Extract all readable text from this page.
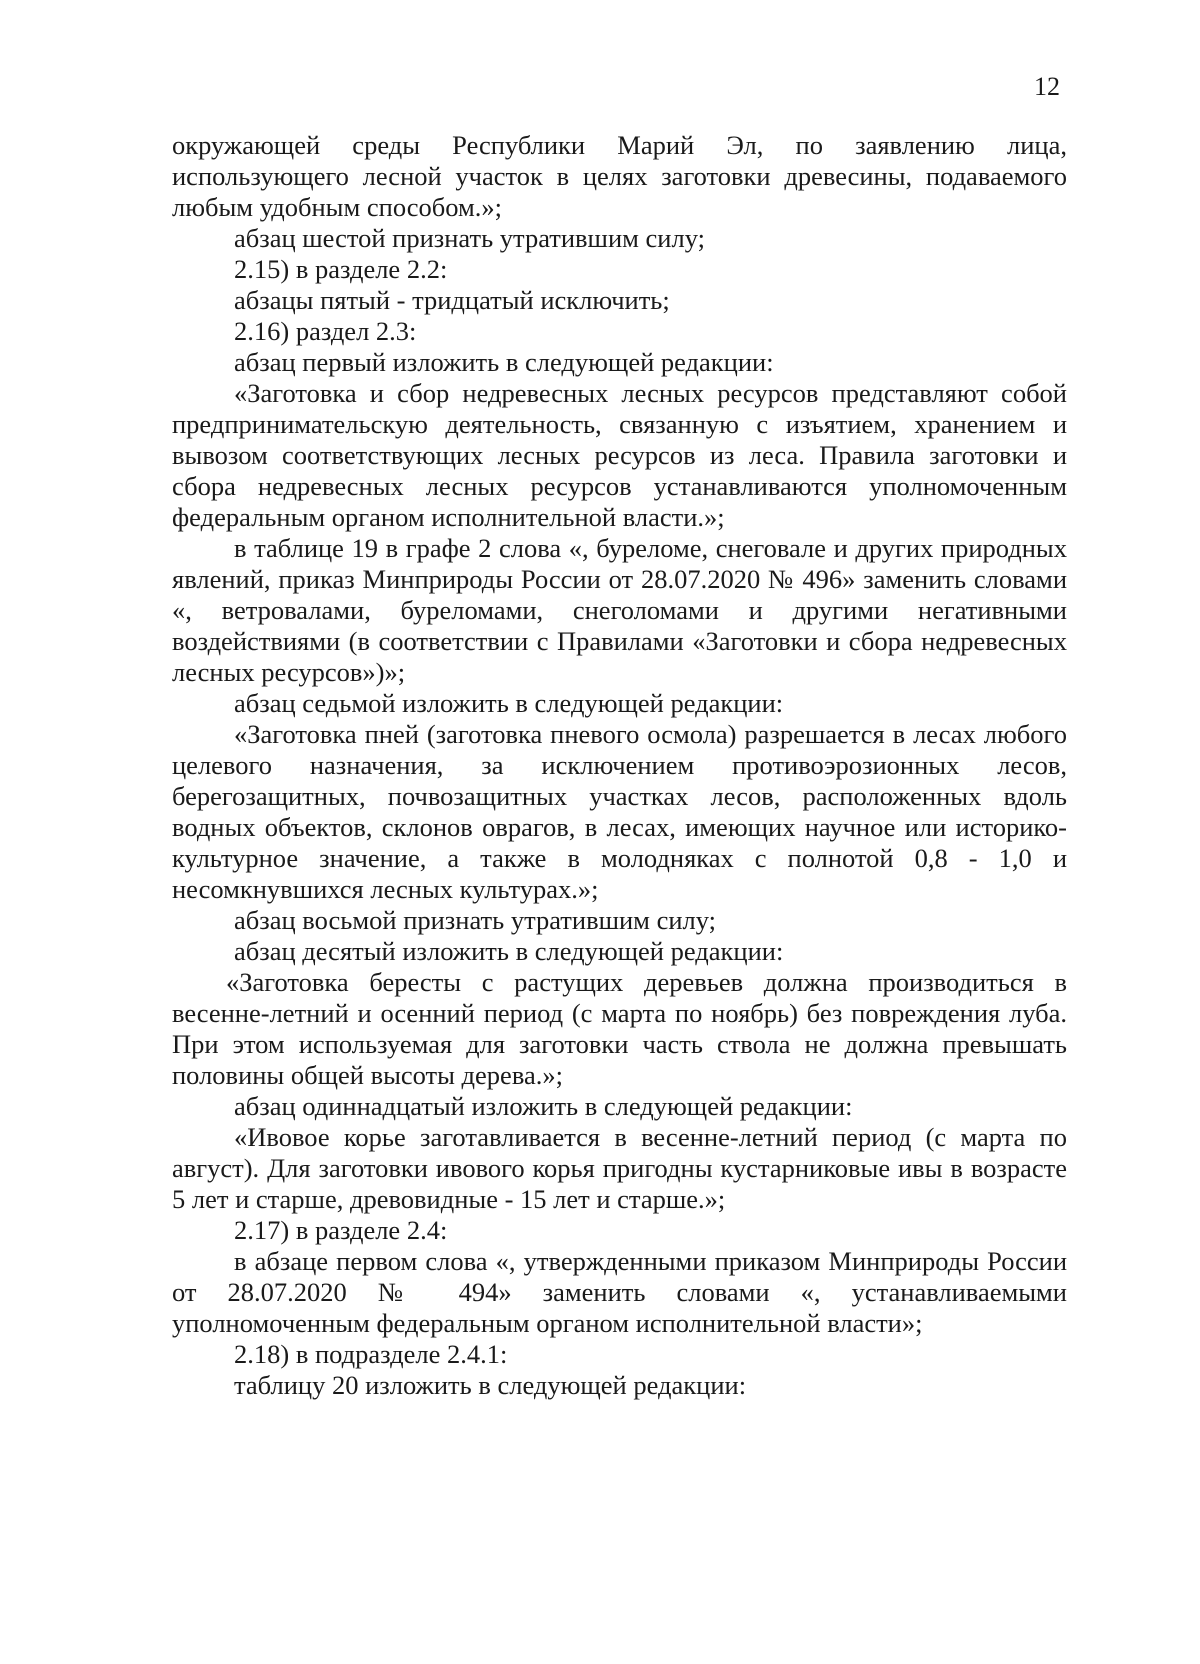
12

окружающей среды Республики Марий Эл, по заявлению лица, использующего лесной участок в целях заготовки древесины, подаваемого любым удобным способом.»;

абзац шестой признать утратившим силу;

2.15) в разделе 2.2:

абзацы пятый - тридцатый исключить;

2.16) раздел 2.3:

абзац первый изложить в следующей редакции:

«Заготовка и сбор недревесных лесных ресурсов представляют собой предпринимательскую деятельность, связанную с изъятием, хранением и вывозом соответствующих лесных ресурсов из леса. Правила заготовки и сбора недревесных лесных ресурсов устанавливаются уполномоченным федеральным органом исполнительной власти.»;

в таблице 19 в графе 2 слова «, буреломе, снеговале и других природных явлений, приказ Минприроды России от 28.07.2020 № 496» заменить словами «, ветровалами, буреломами, снеголомами и другими негативными воздействиями (в соответствии с Правилами «Заготовки и сбора недревесных лесных ресурсов»)»;

абзац седьмой изложить в следующей редакции:

«Заготовка пней (заготовка пневого осмола) разрешается в лесах любого целевого назначения, за исключением противоэрозионных лесов, берегозащитных, почвозащитных участках лесов, расположенных вдоль водных объектов, склонов оврагов, в лесах, имеющих научное или историко-культурное значение, а также в молодняках с полнотой 0,8 - 1,0 и несомкнувшихся лесных культурах.»;

абзац восьмой признать утратившим силу;

абзац десятый изложить в следующей редакции:

«Заготовка бересты с растущих деревьев должна производиться в весенне-летний и осенний период (с марта по ноябрь) без повреждения луба. При этом используемая для заготовки часть ствола не должна превышать половины общей высоты дерева.»;

абзац одиннадцатый изложить в следующей редакции:

«Ивовое корье заготавливается в весенне-летний период (с марта по август). Для заготовки ивового корья пригодны кустарниковые ивы в возрасте 5 лет и старше, древовидные - 15 лет и старше.»;

2.17) в разделе 2.4:

в абзаце первом слова «, утвержденными приказом Минприроды России от 28.07.2020 № 494» заменить словами «, устанавливаемыми уполномоченным федеральным органом исполнительной власти»;

2.18) в подразделе 2.4.1:

таблицу 20 изложить в следующей редакции:
